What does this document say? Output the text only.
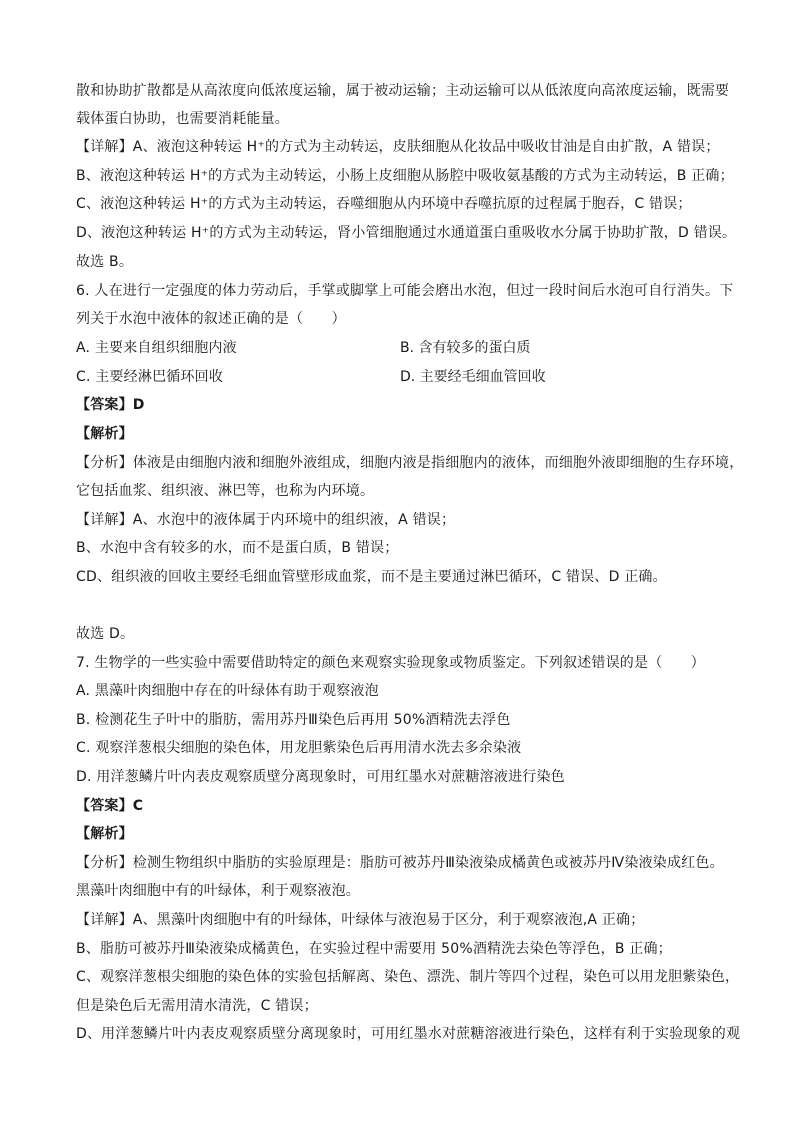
散和协助扩散都是从高浓度向低浓度运输，属于被动运输；主动运输可以从低浓度向高浓度运输，既需要
载体蛋白协助，也需要消耗能量。
【详解】A、液泡这种转运 H⁺的方式为主动转运，皮肤细胞从化妆品中吸收甘油是自由扩散，A 错误；
B、液泡这种转运 H⁺的方式为主动转运，小肠上皮细胞从肠腔中吸收氨基酸的方式为主动转运，B 正确；
C、液泡这种转运 H⁺的方式为主动转运，吞噬细胞从内环境中吞噬抗原的过程属于胞吞，C 错误；
D、液泡这种转运 H⁺的方式为主动转运，肾小管细胞通过水通道蛋白重吸收水分属于协助扩散，D 错误。
故选 B。
6. 人在进行一定强度的体力劳动后，手掌或脚掌上可能会磨出水泡，但过一段时间后水泡可自行消失。下
列关于水泡中液体的叙述正确的是（　　）
A. 主要来自组织细胞内液	B. 含有较多的蛋白质
C. 主要经淋巴循环回收	D. 主要经毛细血管回收
【答案】D
【解析】
【分析】体液是由细胞内液和细胞外液组成，细胞内液是指细胞内的液体，而细胞外液即细胞的生存环境，
它包括血浆、组织液、淋巴等，也称为内环境。
【详解】A、水泡中的液体属于内环境中的组织液，A 错误；
B、水泡中含有较多的水，而不是蛋白质，B 错误；
CD、组织液的回收主要经毛细血管壁形成血浆，而不是主要通过淋巴循环，C 错误、D 正确。
故选 D。
7. 生物学的一些实验中需要借助特定的颜色来观察实验现象或物质鉴定。下列叙述错误的是（　　）
A. 黑藻叶肉细胞中存在的叶绿体有助于观察液泡
B. 检测花生子叶中的脂肪，需用苏丹Ⅲ染色后再用 50%酒精洗去浮色
C. 观察洋葱根尖细胞的染色体，用龙胆紫染色后再用清水洗去多余染液
D. 用洋葱鳞片叶内表皮观察质壁分离现象时，可用红墨水对蔗糖溶液进行染色
【答案】C
【解析】
【分析】检测生物组织中脂肪的实验原理是：脂肪可被苏丹Ⅲ染液染成橘黄色或被苏丹Ⅳ染液染成红色。
黑藻叶肉细胞中有的叶绿体，利于观察液泡。
【详解】A、黑藻叶肉细胞中有的叶绿体，叶绿体与液泡易于区分，利于观察液泡,A 正确；
B、脂肪可被苏丹Ⅲ染液染成橘黄色，在实验过程中需要用 50%酒精洗去染色等浮色，B 正确；
C、观察洋葱根尖细胞的染色体的实验包括解离、染色、漂洗、制片等四个过程，染色可以用龙胆紫染色，
但是染色后无需用清水清洗，C 错误；
D、用洋葱鳞片叶内表皮观察质壁分离现象时，可用红墨水对蔗糖溶液进行染色，这样有利于实验现象的观
